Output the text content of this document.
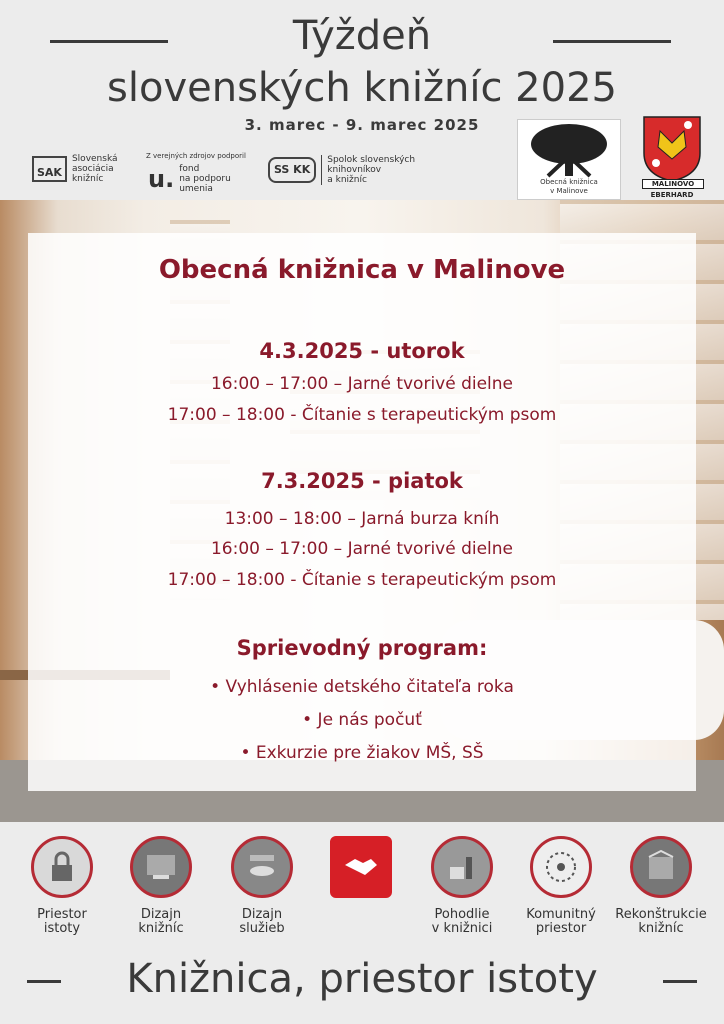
Týždeň
slovenských knižníc 2025
3. marec - 9. marec 2025
SAK
Slovenská
asociácia
knižníc
Z verejných zdrojov podporil
u. fond
na podporu
umenia
SS KK
Spolok slovenských
knihovníkov
a knižníc	Obecná knižnica
v Malinove
MALINOVO
EBERHARD
Obecná knižnica v Malinove
4.3.2025 - utorok
16:00 – 17:00 – Jarné tvorivé dielne
17:00 – 18:00 - Čítanie s terapeutickým psom
7.3.2025 - piatok
13:00 – 18:00 – Jarná burza kníh
16:00 – 17:00 – Jarné tvorivé dielne
17:00 – 18:00 - Čítanie s terapeutickým psom
Sprievodný program:
• Vyhlásenie detského čitateľa roka
• Je nás počuť
• Exkurzie pre žiakov MŠ, SŠ
Priestor
istoty
Dizajn
knižníc
Dizajn
služieb
Pohodlie
v knižnici
Komunitný
priestor
Rekonštrukcie
knižníc
Knižnica, priestor istoty
